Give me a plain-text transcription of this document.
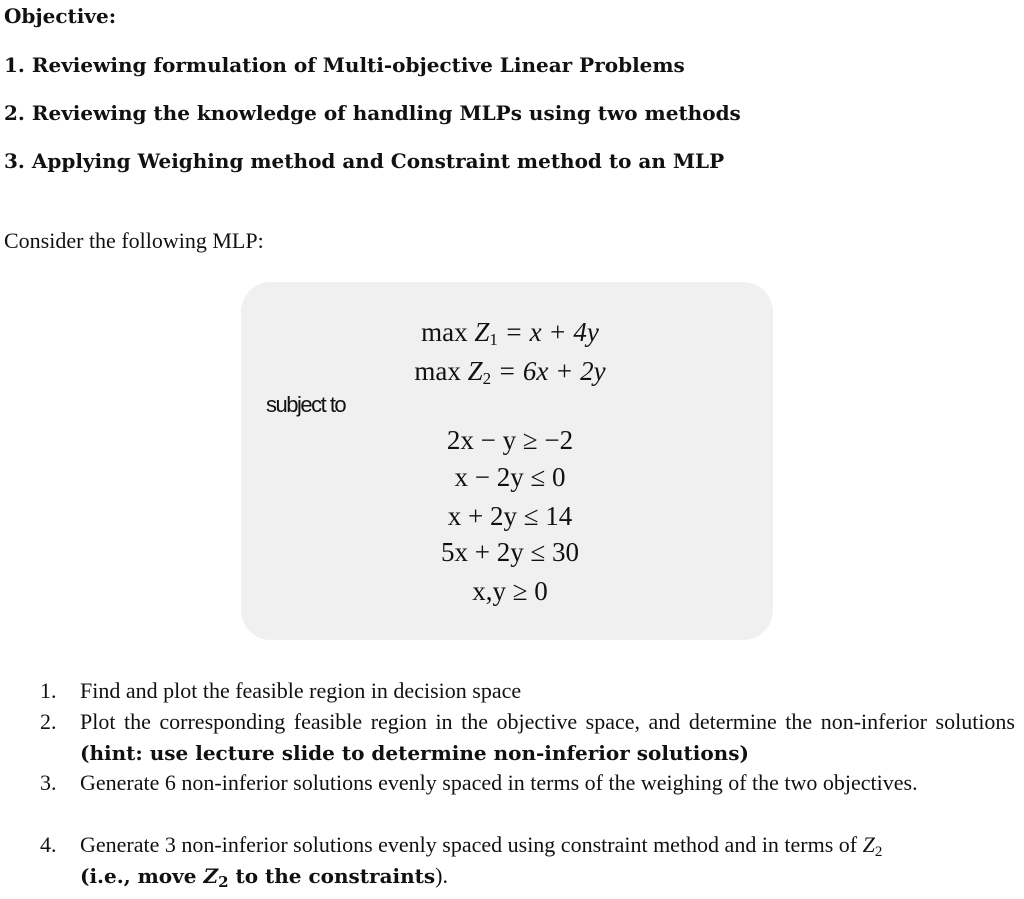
Objective:
1. Reviewing formulation of Multi-objective Linear Problems
2. Reviewing the knowledge of handling MLPs using two methods
3. Applying Weighing method and Constraint method to an MLP
Consider the following MLP:
$\max Z_1 = x + 4y$
$\max Z_2 = 6x + 2y$
subject to
2x − y ≥ −2
x − 2y ≤ 0
x + 2y ≤ 14
5x + 2y ≤ 30
x,y ≥ 0
1.	Find and plot the feasible region in decision space
2.	Plot the corresponding feasible region in the objective space, and determine the non-inferior solutions (hint: use lecture slide to determine non-inferior solutions)
3.	Generate 6 non-inferior solutions evenly spaced in terms of the weighing of the two objectives.
4.	Generate 3 non-inferior solutions evenly spaced using constraint method and in terms of $Z_2$
(i.e., move $Z_2$ to the constraints).
